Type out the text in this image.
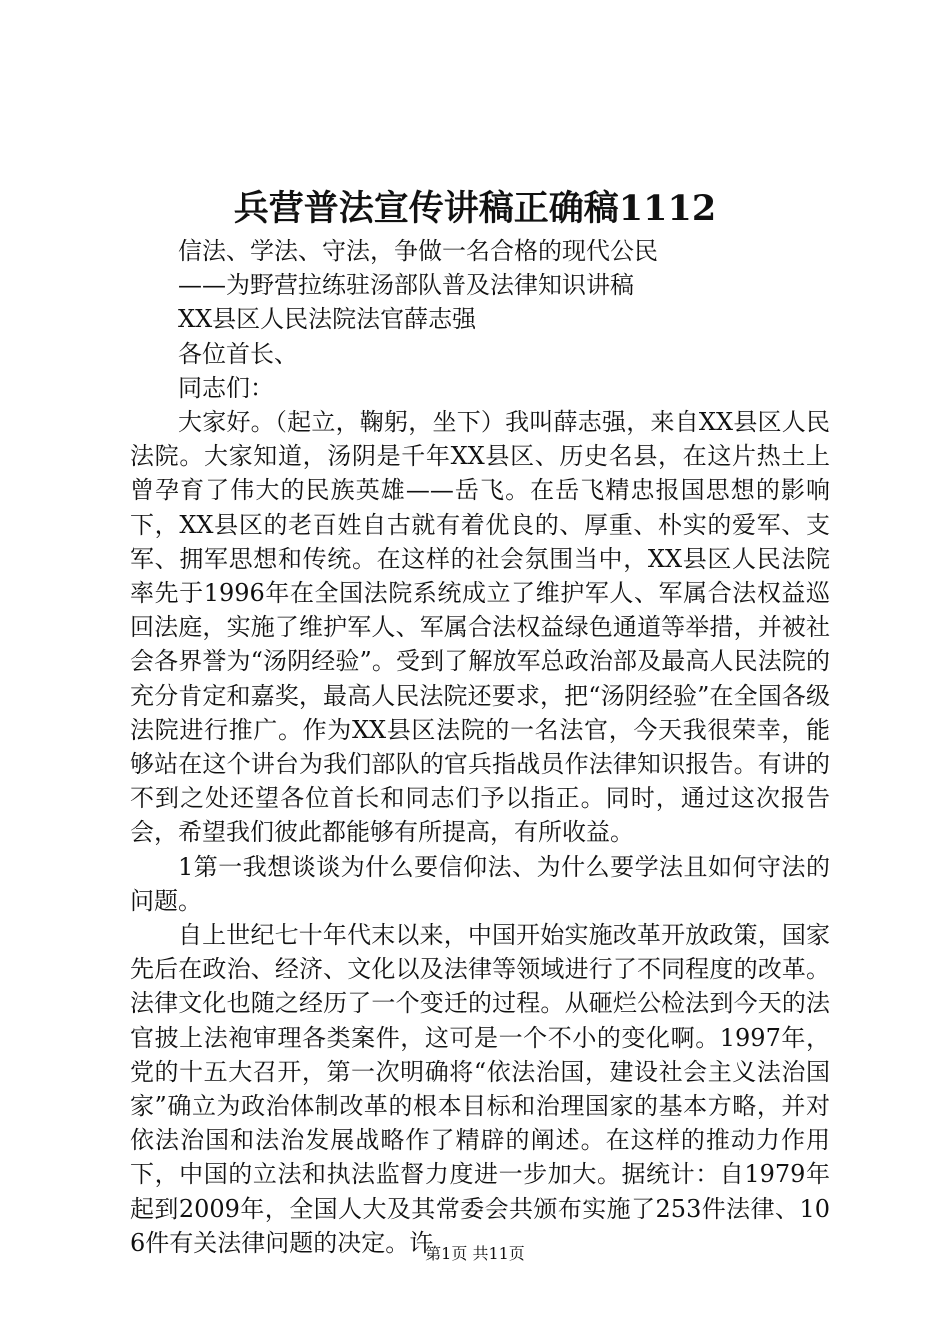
兵营普法宣传讲稿正确稿1112

信法、学法、守法，争做一名合格的现代公民

——为野营拉练驻汤部队普及法律知识讲稿

XX县区人民法院法官薛志强

各位首长、

同志们：

大家好。（起立，鞠躬，坐下）我叫薛志强，来自XX县区人民法院。大家知道，汤阴是千年XX县区、历史名县，在这片热土上曾孕育了伟大的民族英雄——岳飞。在岳飞精忠报国思想的影响下，XX县区的老百姓自古就有着优良的、厚重、朴实的爱军、支军、拥军思想和传统。在这样的社会氛围当中，XX县区人民法院率先于1996年在全国法院系统成立了维护军人、军属合法权益巡回法庭，实施了维护军人、军属合法权益绿色通道等举措，并被社会各界誉为“汤阴经验”。受到了解放军总政治部及最高人民法院的充分肯定和嘉奖，最高人民法院还要求，把“汤阴经验”在全国各级法院进行推广。作为XX县区法院的一名法官，今天我很荣幸，能够站在这个讲台为我们部队的官兵指战员作法律知识报告。有讲的不到之处还望各位首长和同志们予以指正。同时，通过这次报告会，希望我们彼此都能够有所提高，有所收益。

1第一我想谈谈为什么要信仰法、为什么要学法且如何守法的问题。

自上世纪七十年代末以来，中国开始实施改革开放政策，国家先后在政治、经济、文化以及法律等领域进行了不同程度的改革。法律文化也随之经历了一个变迁的过程。从砸烂公检法到今天的法官披上法袍审理各类案件，这可是一个不小的变化啊。1997年，党的十五大召开，第一次明确将“依法治国，建设社会主义法治国家”确立为政治体制改革的根本目标和治理国家的基本方略，并对依法治国和法治发展战略作了精辟的阐述。在这样的推动力作用下，中国的立法和执法监督力度进一步加大。据统计：自1979年起到2009年，全国人大及其常委会共颁布实施了253件法律、106件有关法律问题的决定。许

第1页 共11页
